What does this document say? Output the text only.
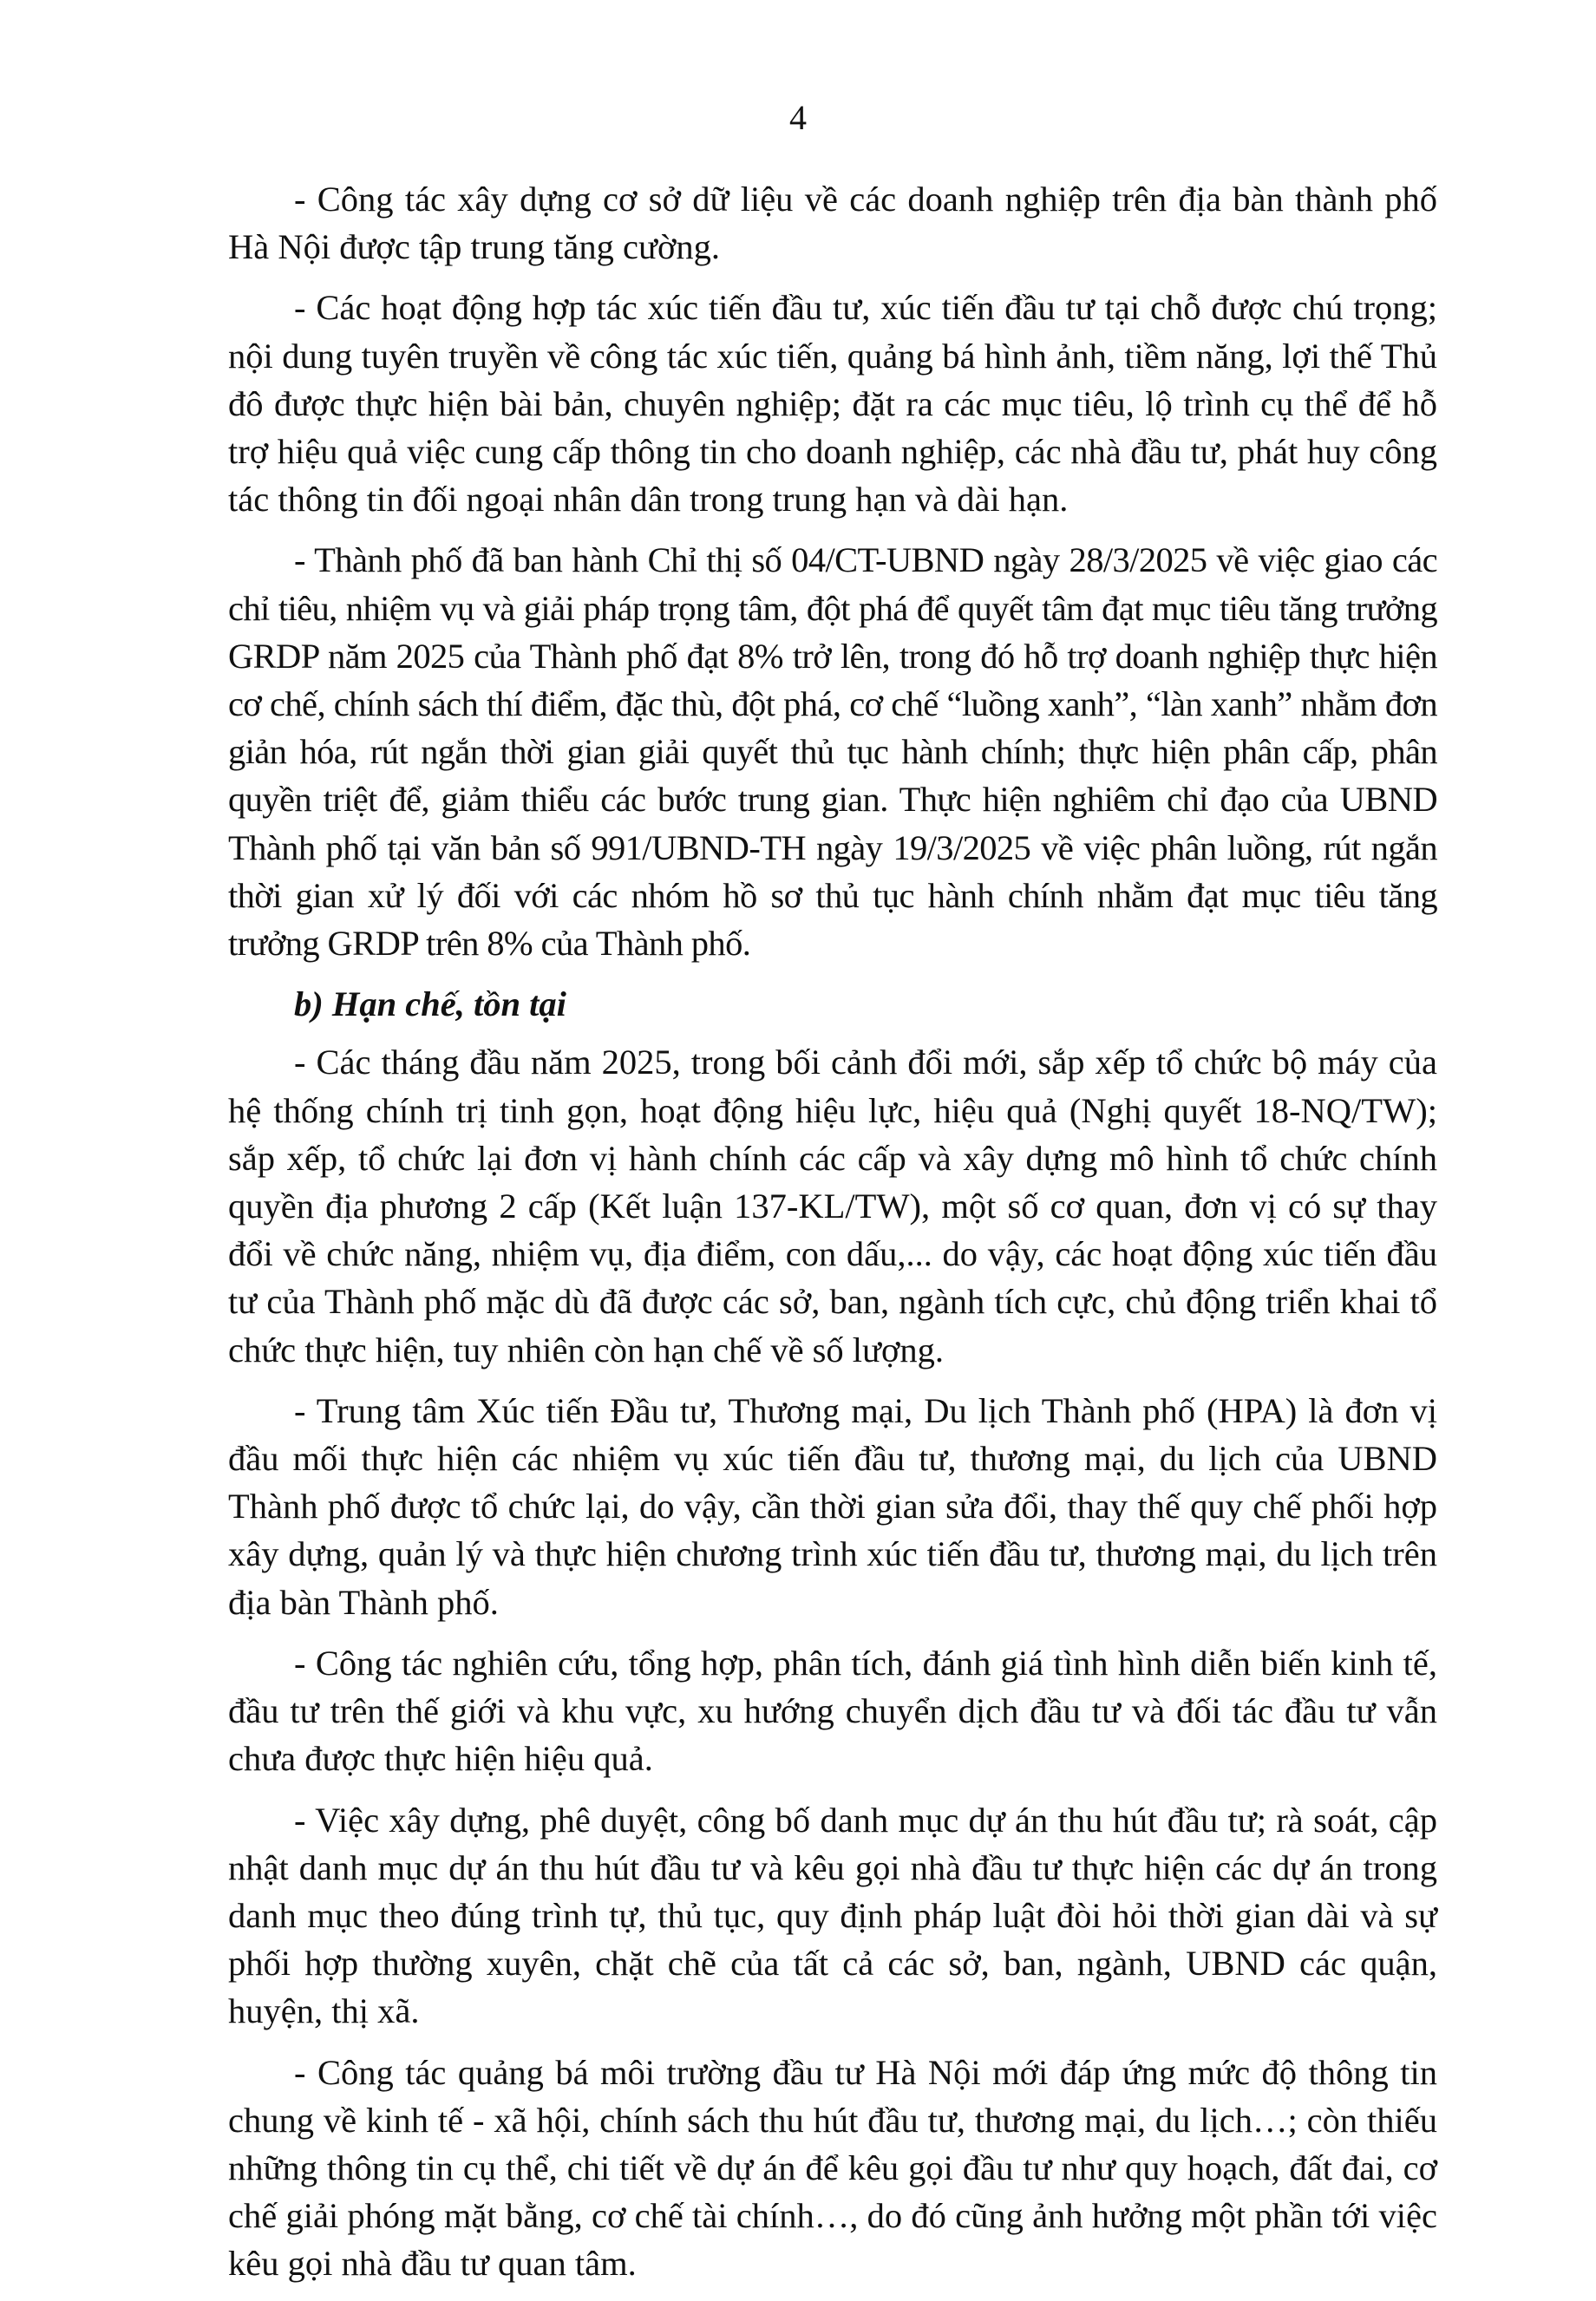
4

- Công tác xây dựng cơ sở dữ liệu về các doanh nghiệp trên địa bàn thành phố Hà Nội được tập trung tăng cường.

- Các hoạt động hợp tác xúc tiến đầu tư, xúc tiến đầu tư tại chỗ được chú trọng; nội dung tuyên truyền về công tác xúc tiến, quảng bá hình ảnh, tiềm năng, lợi thế Thủ đô được thực hiện bài bản, chuyên nghiệp; đặt ra các mục tiêu, lộ trình cụ thể để hỗ trợ hiệu quả việc cung cấp thông tin cho doanh nghiệp, các nhà đầu tư, phát huy công tác thông tin đối ngoại nhân dân trong trung hạn và dài hạn.

- Thành phố đã ban hành Chỉ thị số 04/CT-UBND ngày 28/3/2025 về việc giao các chỉ tiêu, nhiệm vụ và giải pháp trọng tâm, đột phá để quyết tâm đạt mục tiêu tăng trưởng GRDP năm 2025 của Thành phố đạt 8% trở lên, trong đó hỗ trợ doanh nghiệp thực hiện cơ chế, chính sách thí điểm, đặc thù, đột phá, cơ chế “luồng xanh”, “làn xanh” nhằm đơn giản hóa, rút ngắn thời gian giải quyết thủ tục hành chính; thực hiện phân cấp, phân quyền triệt để, giảm thiểu các bước trung gian. Thực hiện nghiêm chỉ đạo của UBND Thành phố tại văn bản số 991/UBND-TH ngày 19/3/2025 về việc phân luồng, rút ngắn thời gian xử lý đối với các nhóm hồ sơ thủ tục hành chính nhằm đạt mục tiêu tăng trưởng GRDP trên 8% của Thành phố.

b) Hạn chế, tồn tại

- Các tháng đầu năm 2025, trong bối cảnh đổi mới, sắp xếp tổ chức bộ máy của hệ thống chính trị tinh gọn, hoạt động hiệu lực, hiệu quả (Nghị quyết 18-NQ/TW); sắp xếp, tổ chức lại đơn vị hành chính các cấp và xây dựng mô hình tổ chức chính quyền địa phương 2 cấp (Kết luận 137-KL/TW), một số cơ quan, đơn vị có sự thay đổi về chức năng, nhiệm vụ, địa điểm, con dấu,... do vậy, các hoạt động xúc tiến đầu tư của Thành phố mặc dù đã được các sở, ban, ngành tích cực, chủ động triển khai tổ chức thực hiện, tuy nhiên còn hạn chế về số lượng.

- Trung tâm Xúc tiến Đầu tư, Thương mại, Du lịch Thành phố (HPA) là đơn vị đầu mối thực hiện các nhiệm vụ xúc tiến đầu tư, thương mại, du lịch của UBND Thành phố được tổ chức lại, do vậy, cần thời gian sửa đổi, thay thế quy chế phối hợp xây dựng, quản lý và thực hiện chương trình xúc tiến đầu tư, thương mại, du lịch trên địa bàn Thành phố.

- Công tác nghiên cứu, tổng hợp, phân tích, đánh giá tình hình diễn biến kinh tế, đầu tư trên thế giới và khu vực, xu hướng chuyển dịch đầu tư và đối tác đầu tư vẫn chưa được thực hiện hiệu quả.

- Việc xây dựng, phê duyệt, công bố danh mục dự án thu hút đầu tư; rà soát, cập nhật danh mục dự án thu hút đầu tư và kêu gọi nhà đầu tư thực hiện các dự án trong danh mục theo đúng trình tự, thủ tục, quy định pháp luật đòi hỏi thời gian dài và sự phối hợp thường xuyên, chặt chẽ của tất cả các sở, ban, ngành, UBND các quận, huyện, thị xã.

- Công tác quảng bá môi trường đầu tư Hà Nội mới đáp ứng mức độ thông tin chung về kinh tế - xã hội, chính sách thu hút đầu tư, thương mại, du lịch…; còn thiếu những thông tin cụ thể, chi tiết về dự án để kêu gọi đầu tư như quy hoạch, đất đai, cơ chế giải phóng mặt bằng, cơ chế tài chính…, do đó cũng ảnh hưởng một phần tới việc kêu gọi nhà đầu tư quan tâm.
